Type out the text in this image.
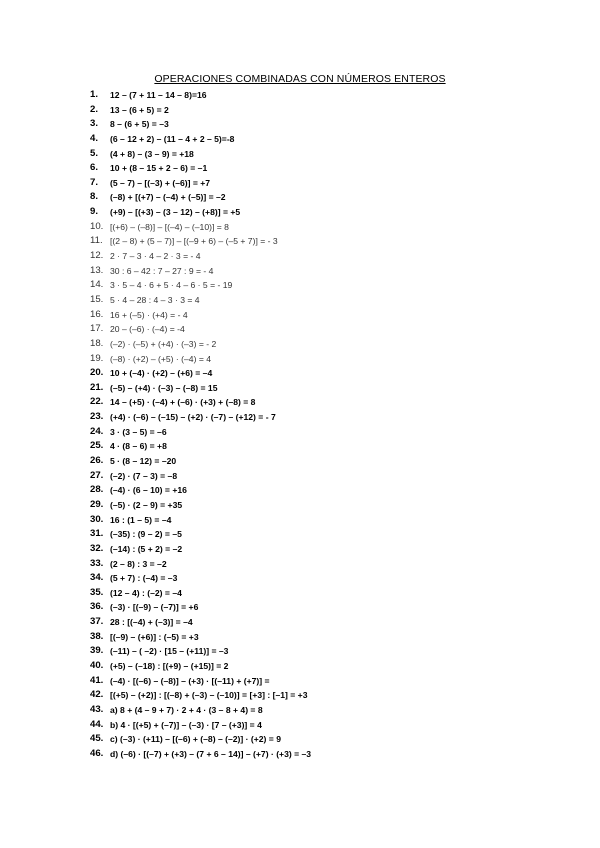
OPERACIONES COMBINADAS CON NÚMEROS ENTEROS
1.	12 – (7 + 11 – 14 – 8)=16
2.	13 – (6 + 5) = 2
3.	8 – (6 + 5) = –3
4.	(6 – 12 + 2) – (11 – 4 + 2 – 5)=-8
5.	(4 + 8) – (3 – 9) = +18
6.	10 + (8 – 15 + 2 – 6) = –1
7.	(5 – 7) – [(–3) + (–6)] = +7
8.	(–8) + [(+7) – (–4) + (–5)] = –2
9.	(+9) – [(+3) – (3 – 12) – (+8)] = +5
10. [(+6) – (–8)] – [(–4) – (–10)] = 8
11. [(2 – 8) + (5 – 7)] – [(–9 + 6) – (–5 + 7)] = - 3
12. 2 · 7 – 3 · 4 – 2 · 3 = - 4
13. 30 : 6 – 42 : 7 – 27 : 9 = - 4
14. 3 · 5 – 4 · 6 + 5 · 4 – 6 · 5 = - 19
15. 5 · 4 – 28 : 4 – 3 · 3 = 4
16. 16 + (–5) · (+4) = - 4
17. 20 – (–6) · (–4) = -4
18. (–2) · (–5) + (+4) · (–3) = - 2
19. (–8) · (+2) – (+5) · (–4) = 4
20. 10 + (–4) · (+2) – (+6) = –4
21. (–5) – (+4) · (–3) – (–8) = 15
22. 14 – (+5) · (–4) + (–6) · (+3) + (–8) = 8
23. (+4) · (–6) – (–15) – (+2) · (–7) – (+12) = - 7
24. 3 · (3 – 5) = –6
25. 4 · (8 – 6) = +8
26. 5 · (8 – 12) = –20
27. (–2) · (7 – 3) = –8
28. (–4) · (6 – 10) = +16
29. (–5) · (2 – 9) = +35
30. 16 : (1 – 5) = –4
31. (–35) : (9 – 2) = –5
32. (–14) : (5 + 2) = –2
33. (2 – 8) : 3 = –2
34. (5 + 7) : (–4) = –3
35. (12 – 4) : (–2) = –4
36. (–3) · [(–9) – (–7)] = +6
37. 28 : [(–4) + (–3)] = –4
38. [(–9) – (+6)] : (–5) = +3
39. (–11) – ( –2) · [15 – (+11)] = –3
40. (+5) – (–18) : [(+9) – (+15)] = 2
41. (–4) · [(–6) – (–8)] – (+3) · [(–11) + (+7)] =
42. [(+5) – (+2)] : [(–8) + (–3) – (–10)] = [+3] : [–1] = +3
43. a) 8 + (4 – 9 + 7) · 2 + 4 · (3 – 8 + 4) = 8
44. b) 4 · [(+5) + (–7)] – (–3) · [7 – (+3)] = 4
45. c) (–3) · (+11) – [(–6) + (–8) – (–2)] · (+2) = 9
46. d) (–6) · [(–7) + (+3) – (7 + 6 – 14)] – (+7) · (+3) = –3
